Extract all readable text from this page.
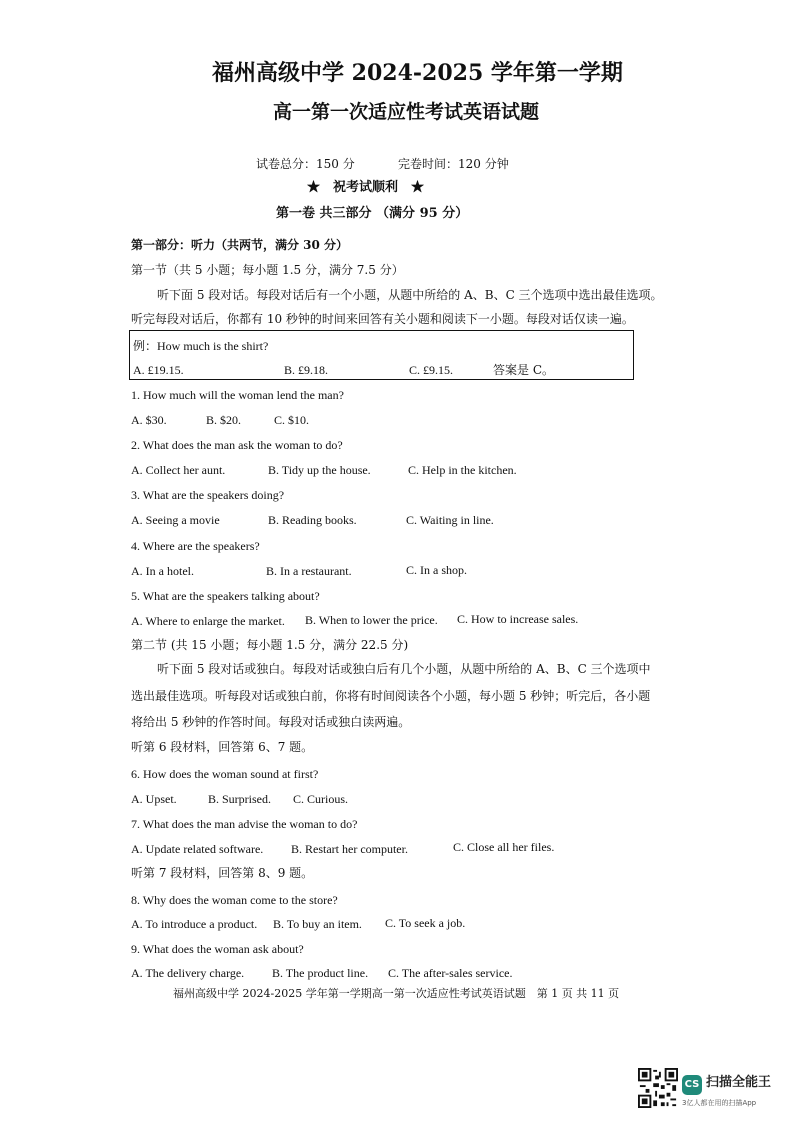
福州高级中学 2024-2025 学年第一学期
高一第一次适应性考试英语试题
试卷总分：150 分	完卷时间：120 分钟
★　祝考试顺利　★
第一卷 共三部分 （满分 95 分）
第一部分：听力（共两节，满分 30 分）
第一节（共 5 小题；每小题 1.5 分，满分 7.5 分）
听下面 5 段对话。每段对话后有一个小题，从题中所给的 A、B、C 三个选项中选出最佳选项。
听完每段对话后，你都有 10 秒钟的时间来回答有关小题和阅读下一小题。每段对话仅读一遍。
例：How much is the shirt?
A. £19.15.	B. £9.18.	C. £9.15.	答案是 C。
1. How much will the woman lend the man?
A. $30.	B. $20.	C. $10.
2. What does the man ask the woman to do?
A. Collect her aunt.	B. Tidy up the house.	C. Help in the kitchen.
3. What are the speakers doing?
A. Seeing a movie	B. Reading books.	C. Waiting in line.
4. Where are the speakers?
A. In a hotel.	B. In a restaurant.	C. In a shop.
5. What are the speakers talking about?
A. Where to enlarge the market. B. When to lower the price. C. How to increase sales.
第二节 (共 15 小题；每小题 1.5 分，满分 22.5 分)
听下面 5 段对话或独白。每段对话或独白后有几个小题，从题中所给的 A、B、C 三个选项中
选出最佳选项。听每段对话或独白前，你将有时间阅读各个小题，每小题 5 秒钟；听完后，各小题
将给出 5 秒钟的作答时间。每段对话或独白读两遍。
听第 6 段材料，回答第 6、7 题。
6. How does the woman sound at first?
A. Upset.	B. Surprised. C. Curious.
7. What does the man advise the woman to do?
A. Update related software. B. Restart her computer.	C. Close all her files.
听第 7 段材料，回答第 8、9 题。
8. Why does the woman come to the store?
A. To introduce a product. B. To buy an item. C. To seek a job.
9. What does the woman ask about?
A. The delivery charge. B. The product line. C. The after-sales service.
福州高级中学 2024-2025 学年第一学期高一第一次适应性考试英语试题　第 1 页 共 11 页
CS 扫描全能王
3亿人都在用的扫描App
